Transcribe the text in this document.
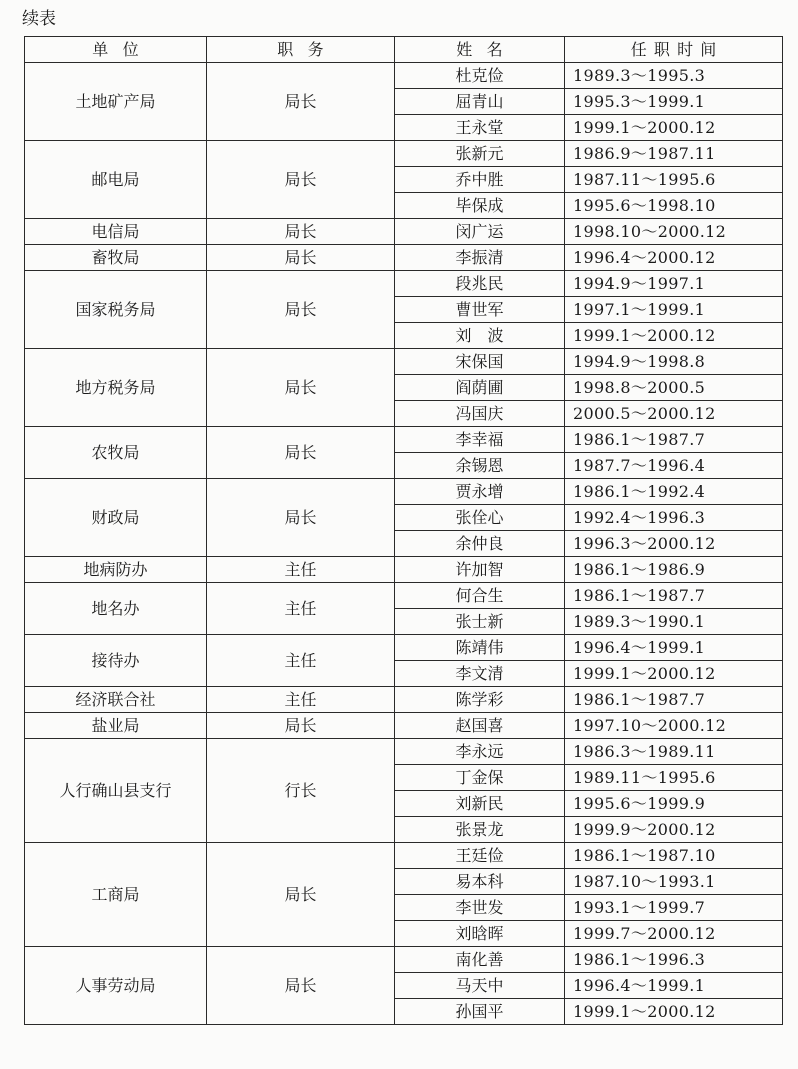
续表
单位	职务	姓名	任职时间
土地矿产局	局长	杜克俭	1989.3～1995.3
		屈青山	1995.3～1999.1
		王永堂	1999.1～2000.12
邮电局	局长	张新元	1986.9～1987.11
		乔中胜	1987.11～1995.6
		毕保成	1995.6～1998.10
电信局	局长	闵广运	1998.10～2000.12
畜牧局	局长	李振清	1996.4～2000.12
国家税务局	局长	段兆民	1994.9～1997.1
		曹世军	1997.1～1999.1
		刘　波	1999.1～2000.12
地方税务局	局长	宋保国	1994.9～1998.8
		阎荫圃	1998.8～2000.5
		冯国庆	2000.5～2000.12
农牧局	局长	李幸福	1986.1～1987.7
		余锡恩	1987.7～1996.4
财政局	局长	贾永增	1986.1～1992.4
		张佺心	1992.4～1996.3
		余仲良	1996.3～2000.12
地病防办	主任	许加智	1986.1～1986.9
地名办	主任	何合生	1986.1～1987.7
		张士新	1989.3～1990.1
接待办	主任	陈靖伟	1996.4～1999.1
		李文清	1999.1～2000.12
经济联合社	主任	陈学彩	1986.1～1987.7
盐业局	局长	赵国喜	1997.10～2000.12
人行确山县支行	行长	李永远	1986.3～1989.11
		丁金保	1989.11～1995.6
		刘新民	1995.6～1999.9
		张景龙	1999.9～2000.12
工商局	局长	王廷俭	1986.1～1987.10
		易本科	1987.10～1993.1
		李世发	1993.1～1999.7
		刘晗晖	1999.7～2000.12
人事劳动局	局长	南化善	1986.1～1996.3
		马天中	1996.4～1999.1
		孙国平	1999.1～2000.12
